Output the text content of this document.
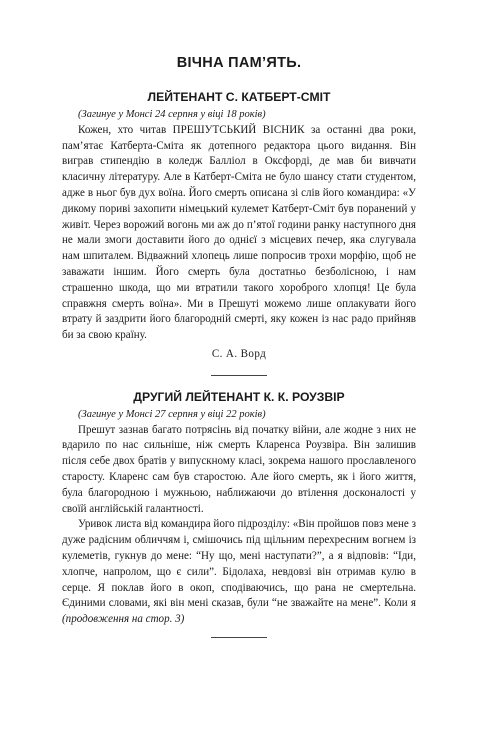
ВІЧНА ПАМ’ЯТЬ.
ЛЕЙТЕНАНТ С. КАТБЕРТ-СМІТ

(Загинуе у Монсі 24 серпня у віці 18 років)

Кожен, хто читав ПРЕШУТСЬКИЙ ВІСНИК за останні два роки, пам’ятає Катберта-Сміта як дотепного редактора цього видання. Він виграв стипендію в коледж Балліол в Оксфорді, де мав би вивчати класичну літературу. Але в Катберт-Сміта не було шансу стати студентом, адже в ньог був дух воїна. Його смерть описана зі слів його командира: «У дикому пориві захопити німецький кулемет Катберт-Сміт був поранений у живіт. Через ворожий вогонь ми аж до п’ятої години ранку наступного дня не мали змоги доставити його до однієї з місцевих печер, яка слугувала нам шпиталем. Відважний хлопець лише попросив трохи морфію, щоб не заважати іншим. Його смерть була достатньо безболісною, і нам страшенно шкода, що ми втратили такого хороброго хлопця! Це була справжня смерть воїна». Ми в Прешуті можемо лише оплакувати його втрату й заздрити його благородній смерті, яку кожен із нас радо прийняв би за свою країну.

С. А. Ворд

ДРУГИЙ ЛЕЙТЕНАНТ К. К. РОУЗВІР

(Загинуе у Монсі 27 серпня у віці 22 років)

Прешут зазнав багато потрясінь від початку війни, але жодне з них не вдарило по нас сильніше, ніж смерть Кларенса Роузвіра. Він залишив після себе двох братів у випускному класі, зокрема нашого прославленого старосту. Кларенс сам був старостою. Але його смерть, як і його життя, була благородною і мужньою, наближаючи до втілення досконалості у своїй англійській галантності.

Уривок листа від командира його підрозділу: «Він пройшов повз мене з дуже радісним обличчям і, смішочись під щільним перехресним вогнем із кулеметів, гукнув до мене: “Ну що, мені наступати?”, а я відповів: “Іди, хлопче, напролом, що є сили”. Бідолаха, невдовзі він отримав кулю в серце. Я поклав його в окоп, сподіваючись, що рана не смертельна. Єдиними словами, які він мені сказав, були “не зважайте на мене”. Коли я (продовження на стор. 3)
